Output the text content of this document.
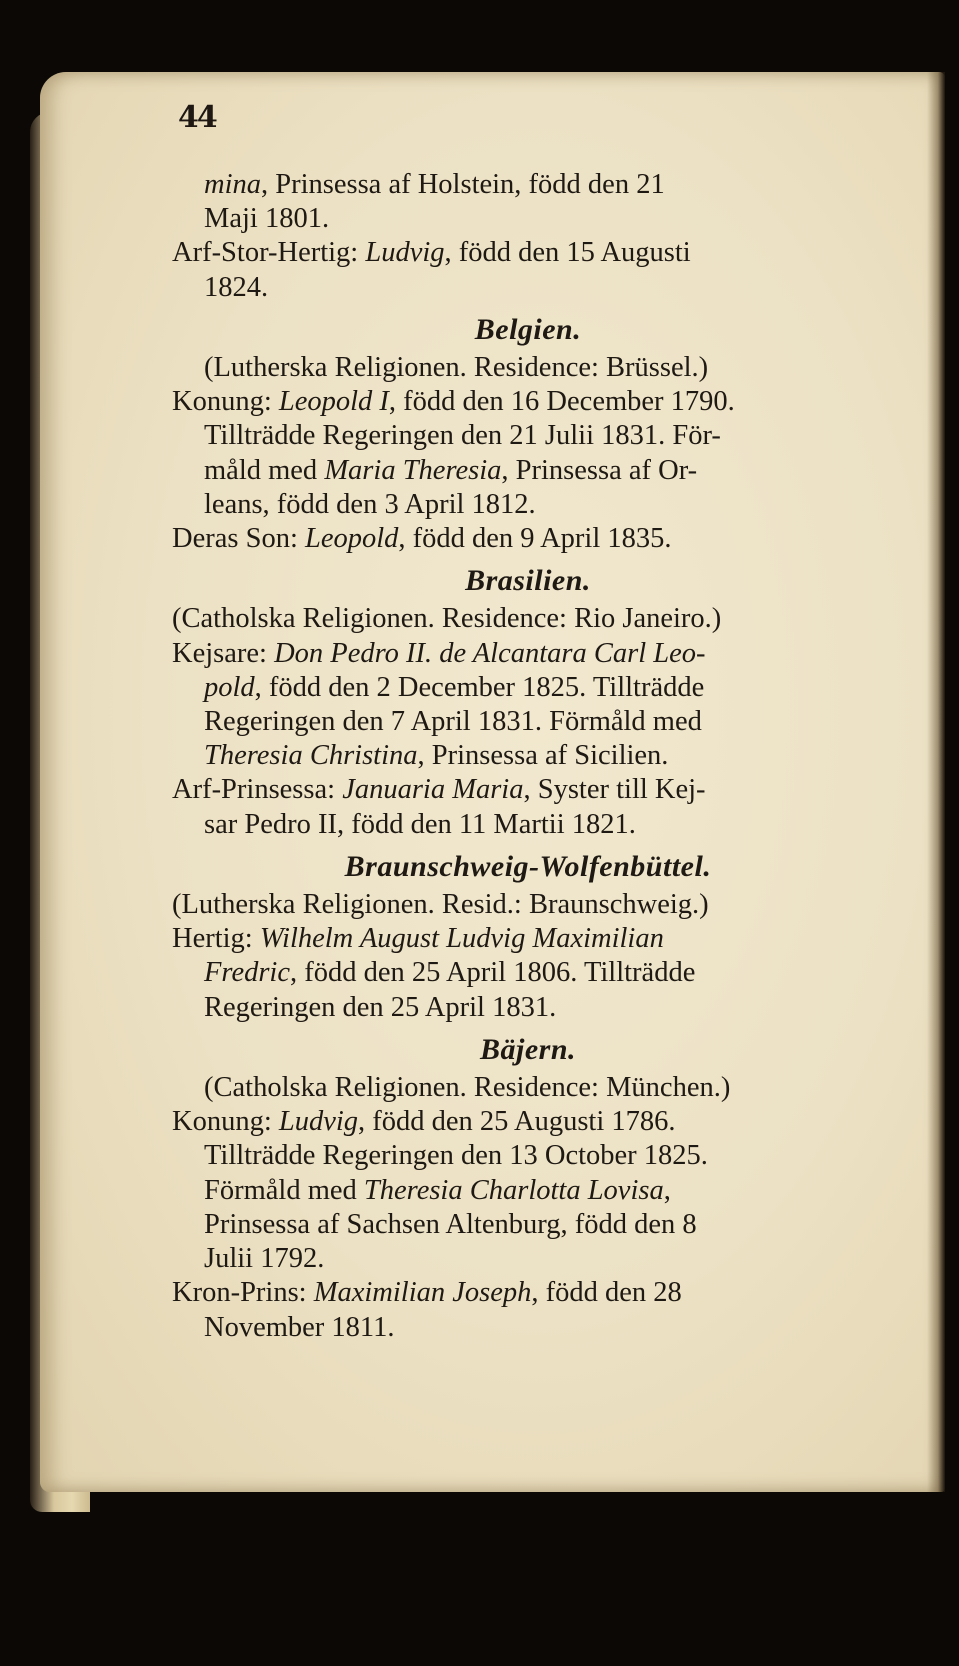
44
mina, Prinsessa af Holstein, född den 21
Maji 1801.
Arf-Stor-Hertig: Ludvig, född den 15 Augusti
1824.
Belgien.
(Lutherska Religionen. Residence: Brüssel.)
Konung: Leopold I, född den 16 December 1790.
Tillträdde Regeringen den 21 Julii 1831. För-
måld med Maria Theresia, Prinsessa af Or-
leans, född den 3 April 1812.
Deras Son: Leopold, född den 9 April 1835.
Brasilien.
(Catholska Religionen. Residence: Rio Janeiro.)
Kejsare: Don Pedro II. de Alcantara Carl Leo-
pold, född den 2 December 1825. Tillträdde
Regeringen den 7 April 1831. Förmåld med
Theresia Christina, Prinsessa af Sicilien.
Arf-Prinsessa: Januaria Maria, Syster till Kej-
sar Pedro II, född den 11 Martii 1821.
Braunschweig-Wolfenbüttel.
(Lutherska Religionen. Resid.: Braunschweig.)
Hertig: Wilhelm August Ludvig Maximilian
Fredric, född den 25 April 1806. Tillträdde
Regeringen den 25 April 1831.
Bäjern.
(Catholska Religionen. Residence: München.)
Konung: Ludvig, född den 25 Augusti 1786.
Tillträdde Regeringen den 13 October 1825.
Förmåld med Theresia Charlotta Lovisa,
Prinsessa af Sachsen Altenburg, född den 8
Julii 1792.
Kron-Prins: Maximilian Joseph, född den 28
November 1811.
